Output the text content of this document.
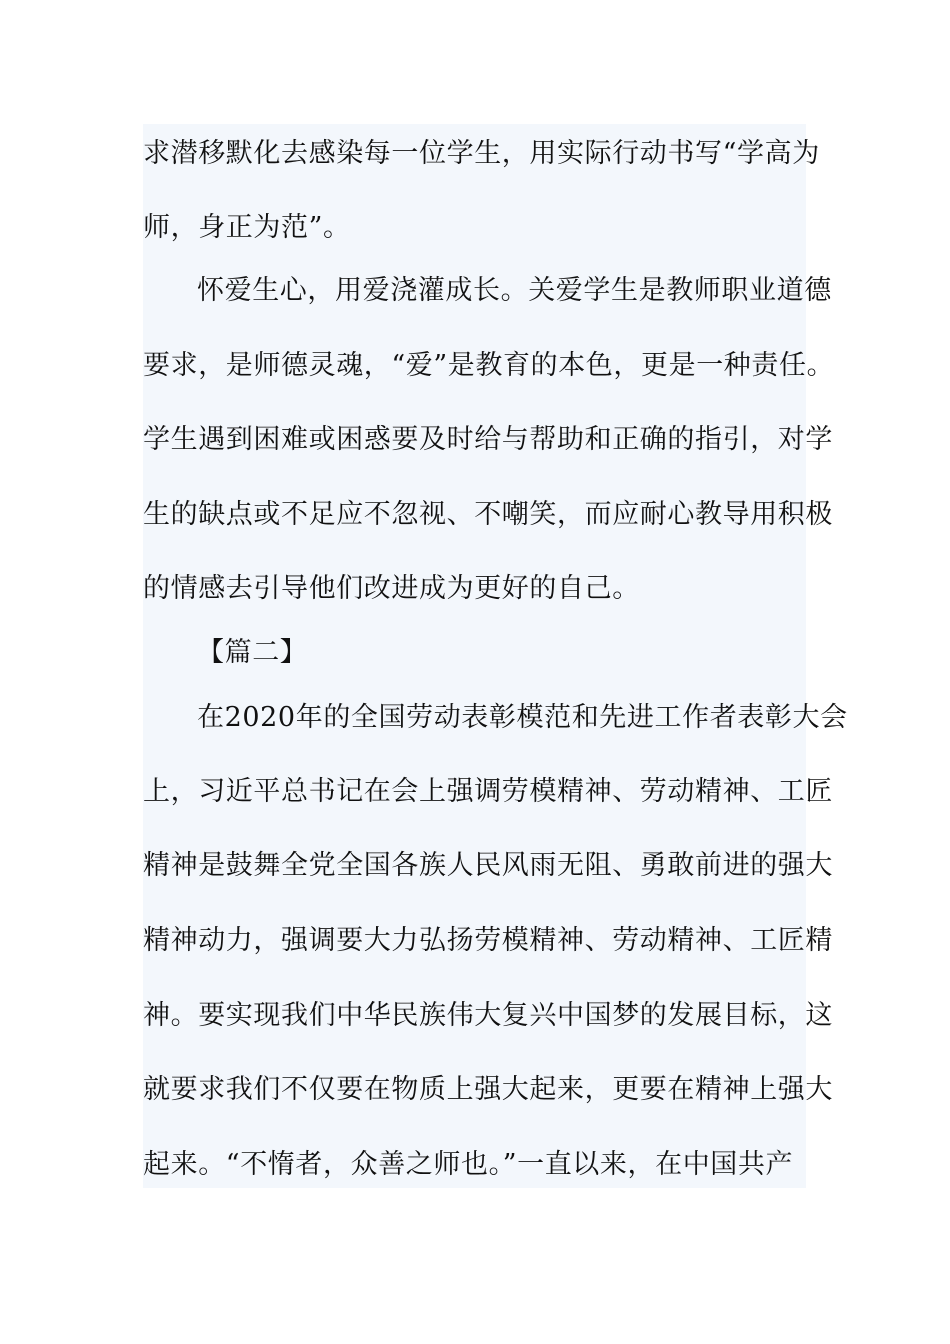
求潜移默化去感染每一位学生，用实际行动书写“学高为
师，身正为范”。
怀爱生心，用爱浇灌成长。关爱学生是教师职业道德
要求，是师德灵魂，“爱”是教育的本色，更是一种责任。
学生遇到困难或困惑要及时给与帮助和正确的指引，对学
生的缺点或不足应不忽视、不嘲笑，而应耐心教导用积极
的情感去引导他们改进成为更好的自己。
【篇二】
在2020年的全国劳动表彰模范和先进工作者表彰大会
上，习近平总书记在会上强调劳模精神、劳动精神、工匠
精神是鼓舞全党全国各族人民风雨无阻、勇敢前进的强大
精神动力，强调要大力弘扬劳模精神、劳动精神、工匠精
神。要实现我们中华民族伟大复兴中国梦的发展目标，这
就要求我们不仅要在物质上强大起来，更要在精神上强大
起来。“不惰者，众善之师也。”一直以来，在中国共产
